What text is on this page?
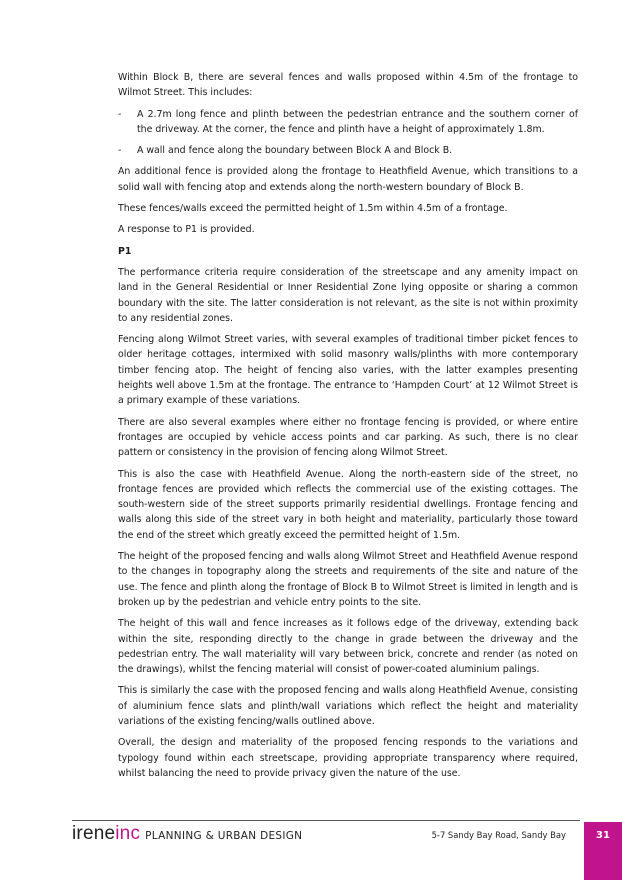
Within Block B, there are several fences and walls proposed within 4.5m of the frontage to Wilmot Street. This includes:

- A 2.7m long fence and plinth between the pedestrian entrance and the southern corner of the driveway. At the corner, the fence and plinth have a height of approximately 1.8m.
- A wall and fence along the boundary between Block A and Block B.

An additional fence is provided along the frontage to Heathfield Avenue, which transitions to a solid wall with fencing atop and extends along the north-western boundary of Block B.

These fences/walls exceed the permitted height of 1.5m within 4.5m of a frontage.

A response to P1 is provided.

P1

The performance criteria require consideration of the streetscape and any amenity impact on land in the General Residential or Inner Residential Zone lying opposite or sharing a common boundary with the site. The latter consideration is not relevant, as the site is not within proximity to any residential zones.

Fencing along Wilmot Street varies, with several examples of traditional timber picket fences to older heritage cottages, intermixed with solid masonry walls/plinths with more contemporary timber fencing atop. The height of fencing also varies, with the latter examples presenting heights well above 1.5m at the frontage. The entrance to ‘Hampden Court’ at 12 Wilmot Street is a primary example of these variations.

There are also several examples where either no frontage fencing is provided, or where entire frontages are occupied by vehicle access points and car parking. As such, there is no clear pattern or consistency in the provision of fencing along Wilmot Street.

This is also the case with Heathfield Avenue. Along the north-eastern side of the street, no frontage fences are provided which reflects the commercial use of the existing cottages. The south-western side of the street supports primarily residential dwellings. Frontage fencing and walls along this side of the street vary in both height and materiality, particularly those toward the end of the street which greatly exceed the permitted height of 1.5m.

The height of the proposed fencing and walls along Wilmot Street and Heathfield Avenue respond to the changes in topography along the streets and requirements of the site and nature of the use. The fence and plinth along the frontage of Block B to Wilmot Street is limited in length and is broken up by the pedestrian and vehicle entry points to the site.

The height of this wall and fence increases as it follows edge of the driveway, extending back within the site, responding directly to the change in grade between the driveway and the pedestrian entry. The wall materiality will vary between brick, concrete and render (as noted on the drawings), whilst the fencing material will consist of power-coated aluminium palings.

This is similarly the case with the proposed fencing and walls along Heathfield Avenue, consisting of aluminium fence slats and plinth/wall variations which reflect the height and materiality variations of the existing fencing/walls outlined above.

Overall, the design and materiality of the proposed fencing responds to the variations and typology found within each streetscape, providing appropriate transparency where required, whilst balancing the need to provide privacy given the nature of the use.

ireneinc PLANNING & URBAN DESIGN	5-7 Sandy Bay Road, Sandy Bay	31
